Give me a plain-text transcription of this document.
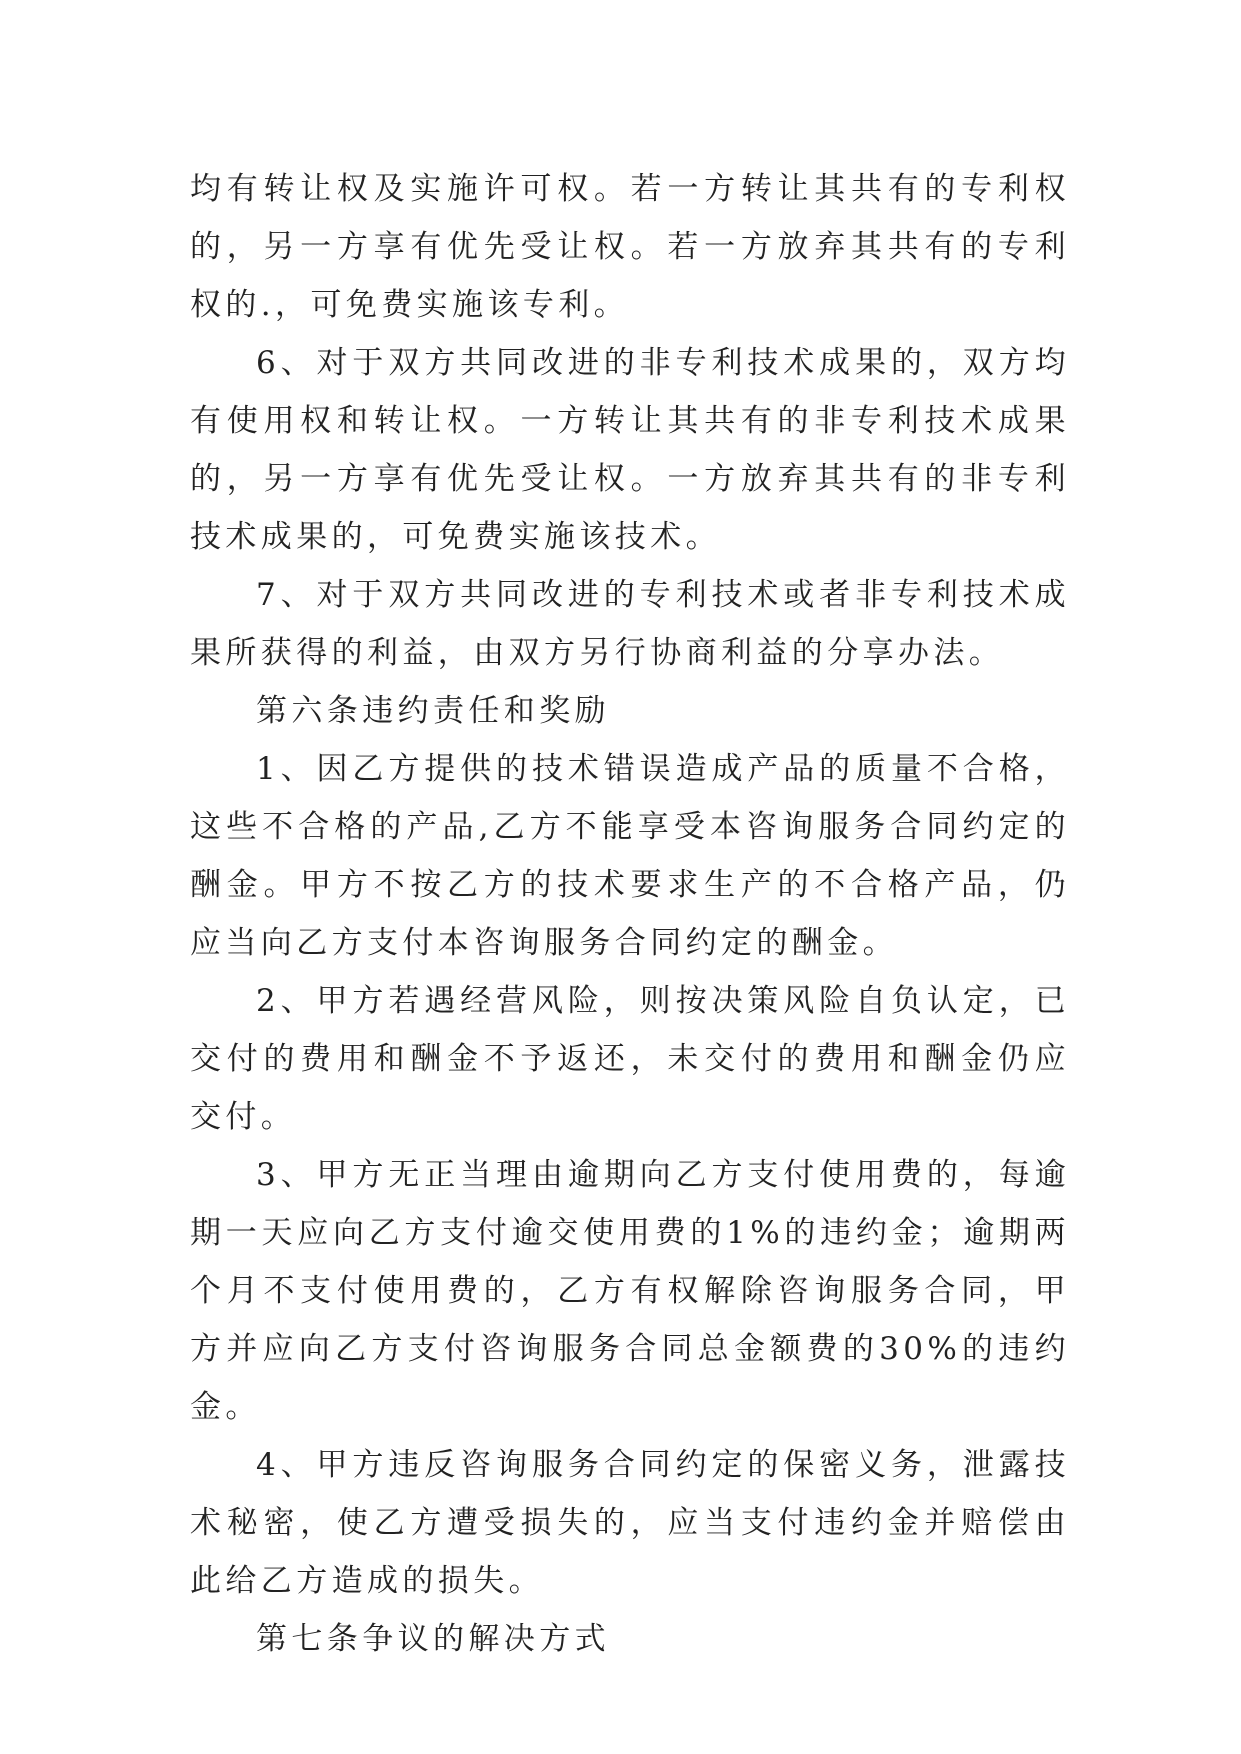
均有转让权及实施许可权。若一方转让其共有的专利权的，另一方享有优先受让权。若一方放弃其共有的专利权的.，可免费实施该专利。

6、对于双方共同改进的非专利技术成果的，双方均有使用权和转让权。一方转让其共有的非专利技术成果的，另一方享有优先受让权。一方放弃其共有的非专利技术成果的，可免费实施该技术。

7、对于双方共同改进的专利技术或者非专利技术成果所获得的利益，由双方另行协商利益的分享办法。

第六条违约责任和奖励

1、因乙方提供的技术错误造成产品的质量不合格，这些不合格的产品,乙方不能享受本咨询服务合同约定的酬金。甲方不按乙方的技术要求生产的不合格产品，仍应当向乙方支付本咨询服务合同约定的酬金。

2、甲方若遇经营风险，则按决策风险自负认定，已交付的费用和酬金不予返还，未交付的费用和酬金仍应交付。

3、甲方无正当理由逾期向乙方支付使用费的，每逾期一天应向乙方支付逾交使用费的1%的违约金；逾期两个月不支付使用费的，乙方有权解除咨询服务合同，甲方并应向乙方支付咨询服务合同总金额费的30%的违约金。

4、甲方违反咨询服务合同约定的保密义务，泄露技术秘密，使乙方遭受损失的，应当支付违约金并赔偿由此给乙方造成的损失。

第七条争议的解决方式
